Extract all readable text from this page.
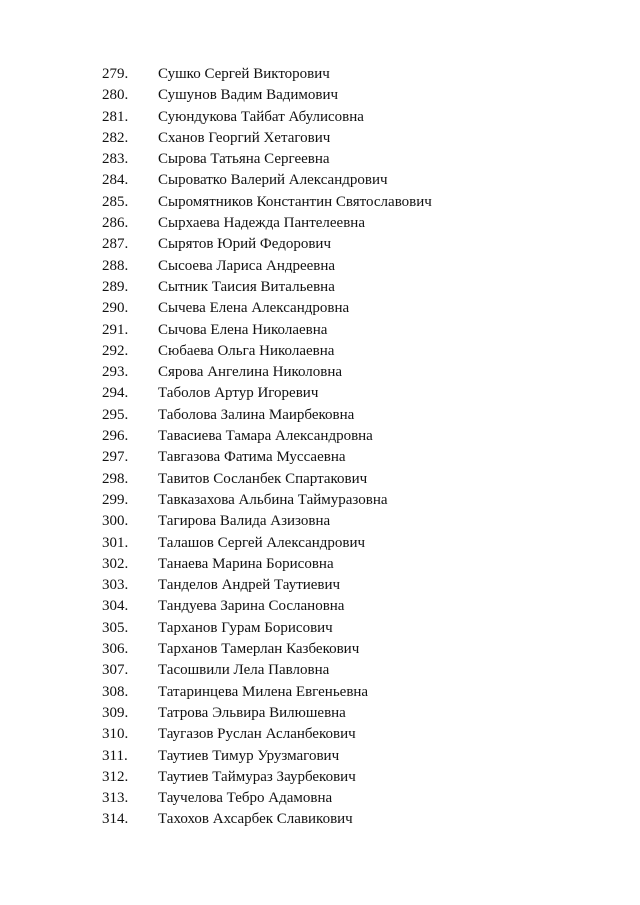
279.	Сушко Сергей Викторович
280.	Сушунов Вадим Вадимович
281.	Суюндукова Тайбат Абулисовна
282.	Сханов Георгий Хетагович
283.	Сырова Татьяна Сергеевна
284.	Сыроватко Валерий Александрович
285.	Сыромятников Константин Святославович
286.	Сырхаева Надежда Пантелеевна
287.	Сырятов Юрий Федорович
288.	Сысоева Лариса Андреевна
289.	Сытник Таисия Витальевна
290.	Сычева Елена Александровна
291.	Сычова Елена Николаевна
292.	Сюбаева Ольга Николаевна
293.	Сярова Ангелина Николовна
294.	Таболов Артур Игоревич
295.	Таболова Залина Маирбековна
296.	Тавасиева Тамара Александровна
297.	Тавгазова Фатима Муссаевна
298.	Тавитов Сосланбек Спартакович
299.	Тавказахова Альбина Таймуразовна
300.	Тагирова Валида Азизовна
301.	Талашов Сергей Александрович
302.	Танаева Марина Борисовна
303.	Танделов Андрей Таутиевич
304.	Тандуева Зарина Сослановна
305.	Тарханов Гурам Борисович
306.	Тарханов Тамерлан Казбекович
307.	Тасошвили Лела Павловна
308.	Татаринцева Милена Евгеньевна
309.	Татрова Эльвира Вилюшевна
310.	Таугазов Руслан Асланбекович
311.	Таутиев Тимур Урузмагович
312.	Таутиев Таймураз Заурбекович
313.	Таучелова Тебро Адамовна
314.	Тахохов Ахсарбек Славикович
